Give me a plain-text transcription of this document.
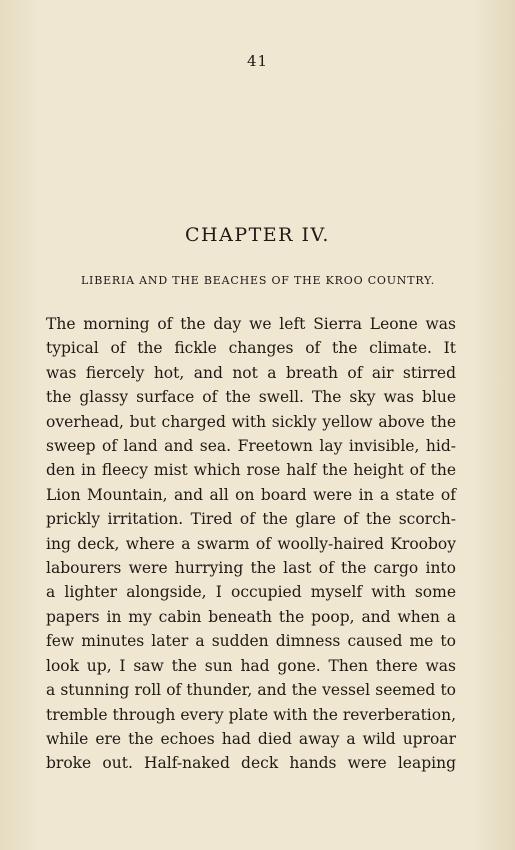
41
CHAPTER IV.
LIBERIA AND THE BEACHES OF THE KROO COUNTRY.

The morning of the day we left Sierra Leone was
typical of the fickle changes of the climate. It
was fiercely hot, and not a breath of air stirred
the glassy surface of the swell. The sky was blue
overhead, but charged with sickly yellow above the
sweep of land and sea. Freetown lay invisible, hid-
den in fleecy mist which rose half the height of the
Lion Mountain, and all on board were in a state of
prickly irritation. Tired of the glare of the scorch-
ing deck, where a swarm of woolly-haired Krooboy
labourers were hurrying the last of the cargo into
a lighter alongside, I occupied myself with some
papers in my cabin beneath the poop, and when a
few minutes later a sudden dimness caused me to
look up, I saw the sun had gone. Then there was
a stunning roll of thunder, and the vessel seemed to
tremble through every plate with the reverberation,
while ere the echoes had died away a wild uproar
broke out. Half-naked deck hands were leaping
